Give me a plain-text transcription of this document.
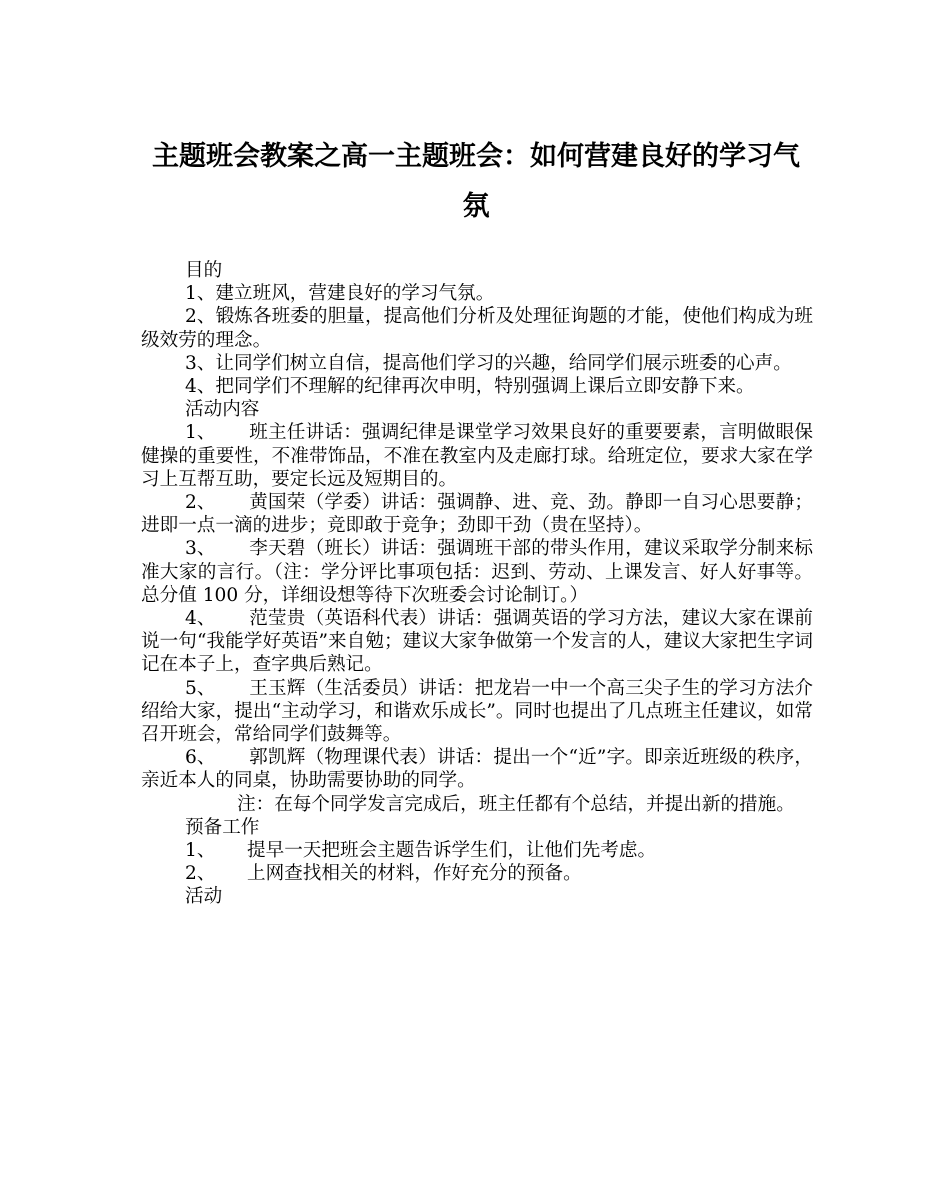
主题班会教案之高一主题班会：如何营建良好的学习气氛

目的

1、建立班风，营建良好的学习气氛。

2、锻炼各班委的胆量，提高他们分析及处理征询题的才能，使他们构成为班级效劳的理念。

3、让同学们树立自信，提高他们学习的兴趣，给同学们展示班委的心声。

4、把同学们不理解的纪律再次申明，特别强调上课后立即安静下来。

活动内容

1、 班主任讲话：强调纪律是课堂学习效果良好的重要要素，言明做眼保健操的重要性，不准带饰品，不准在教室内及走廊打球。给班定位，要求大家在学习上互帮互助，要定长远及短期目的。

2、 黄国荣（学委）讲话：强调静、进、竞、劲。静即一自习心思要静；进即一点一滴的进步；竞即敢于竞争；劲即干劲（贵在坚持）。

3、 李天碧（班长）讲话：强调班干部的带头作用，建议采取学分制来标准大家的言行。（注：学分评比事项包括：迟到、劳动、上课发言、好人好事等。总分值 100 分，详细设想等待下次班委会讨论制订。）

4、 范莹贵（英语科代表）讲话：强调英语的学习方法，建议大家在课前说一句“我能学好英语”来自勉；建议大家争做第一个发言的人，建议大家把生字词记在本子上，查字典后熟记。

5、 王玉辉（生活委员）讲话：把龙岩一中一个高三尖子生的学习方法介绍给大家，提出“主动学习，和谐欢乐成长”。同时也提出了几点班主任建议，如常召开班会，常给同学们鼓舞等。

6、 郭凯辉（物理课代表）讲话：提出一个“近”字。即亲近班级的秩序，亲近本人的同桌，协助需要协助的同学。

注：在每个同学发言完成后，班主任都有个总结，并提出新的措施。

预备工作

1、 提早一天把班会主题告诉学生们，让他们先考虑。

2、 上网查找相关的材料，作好充分的预备。

活动
